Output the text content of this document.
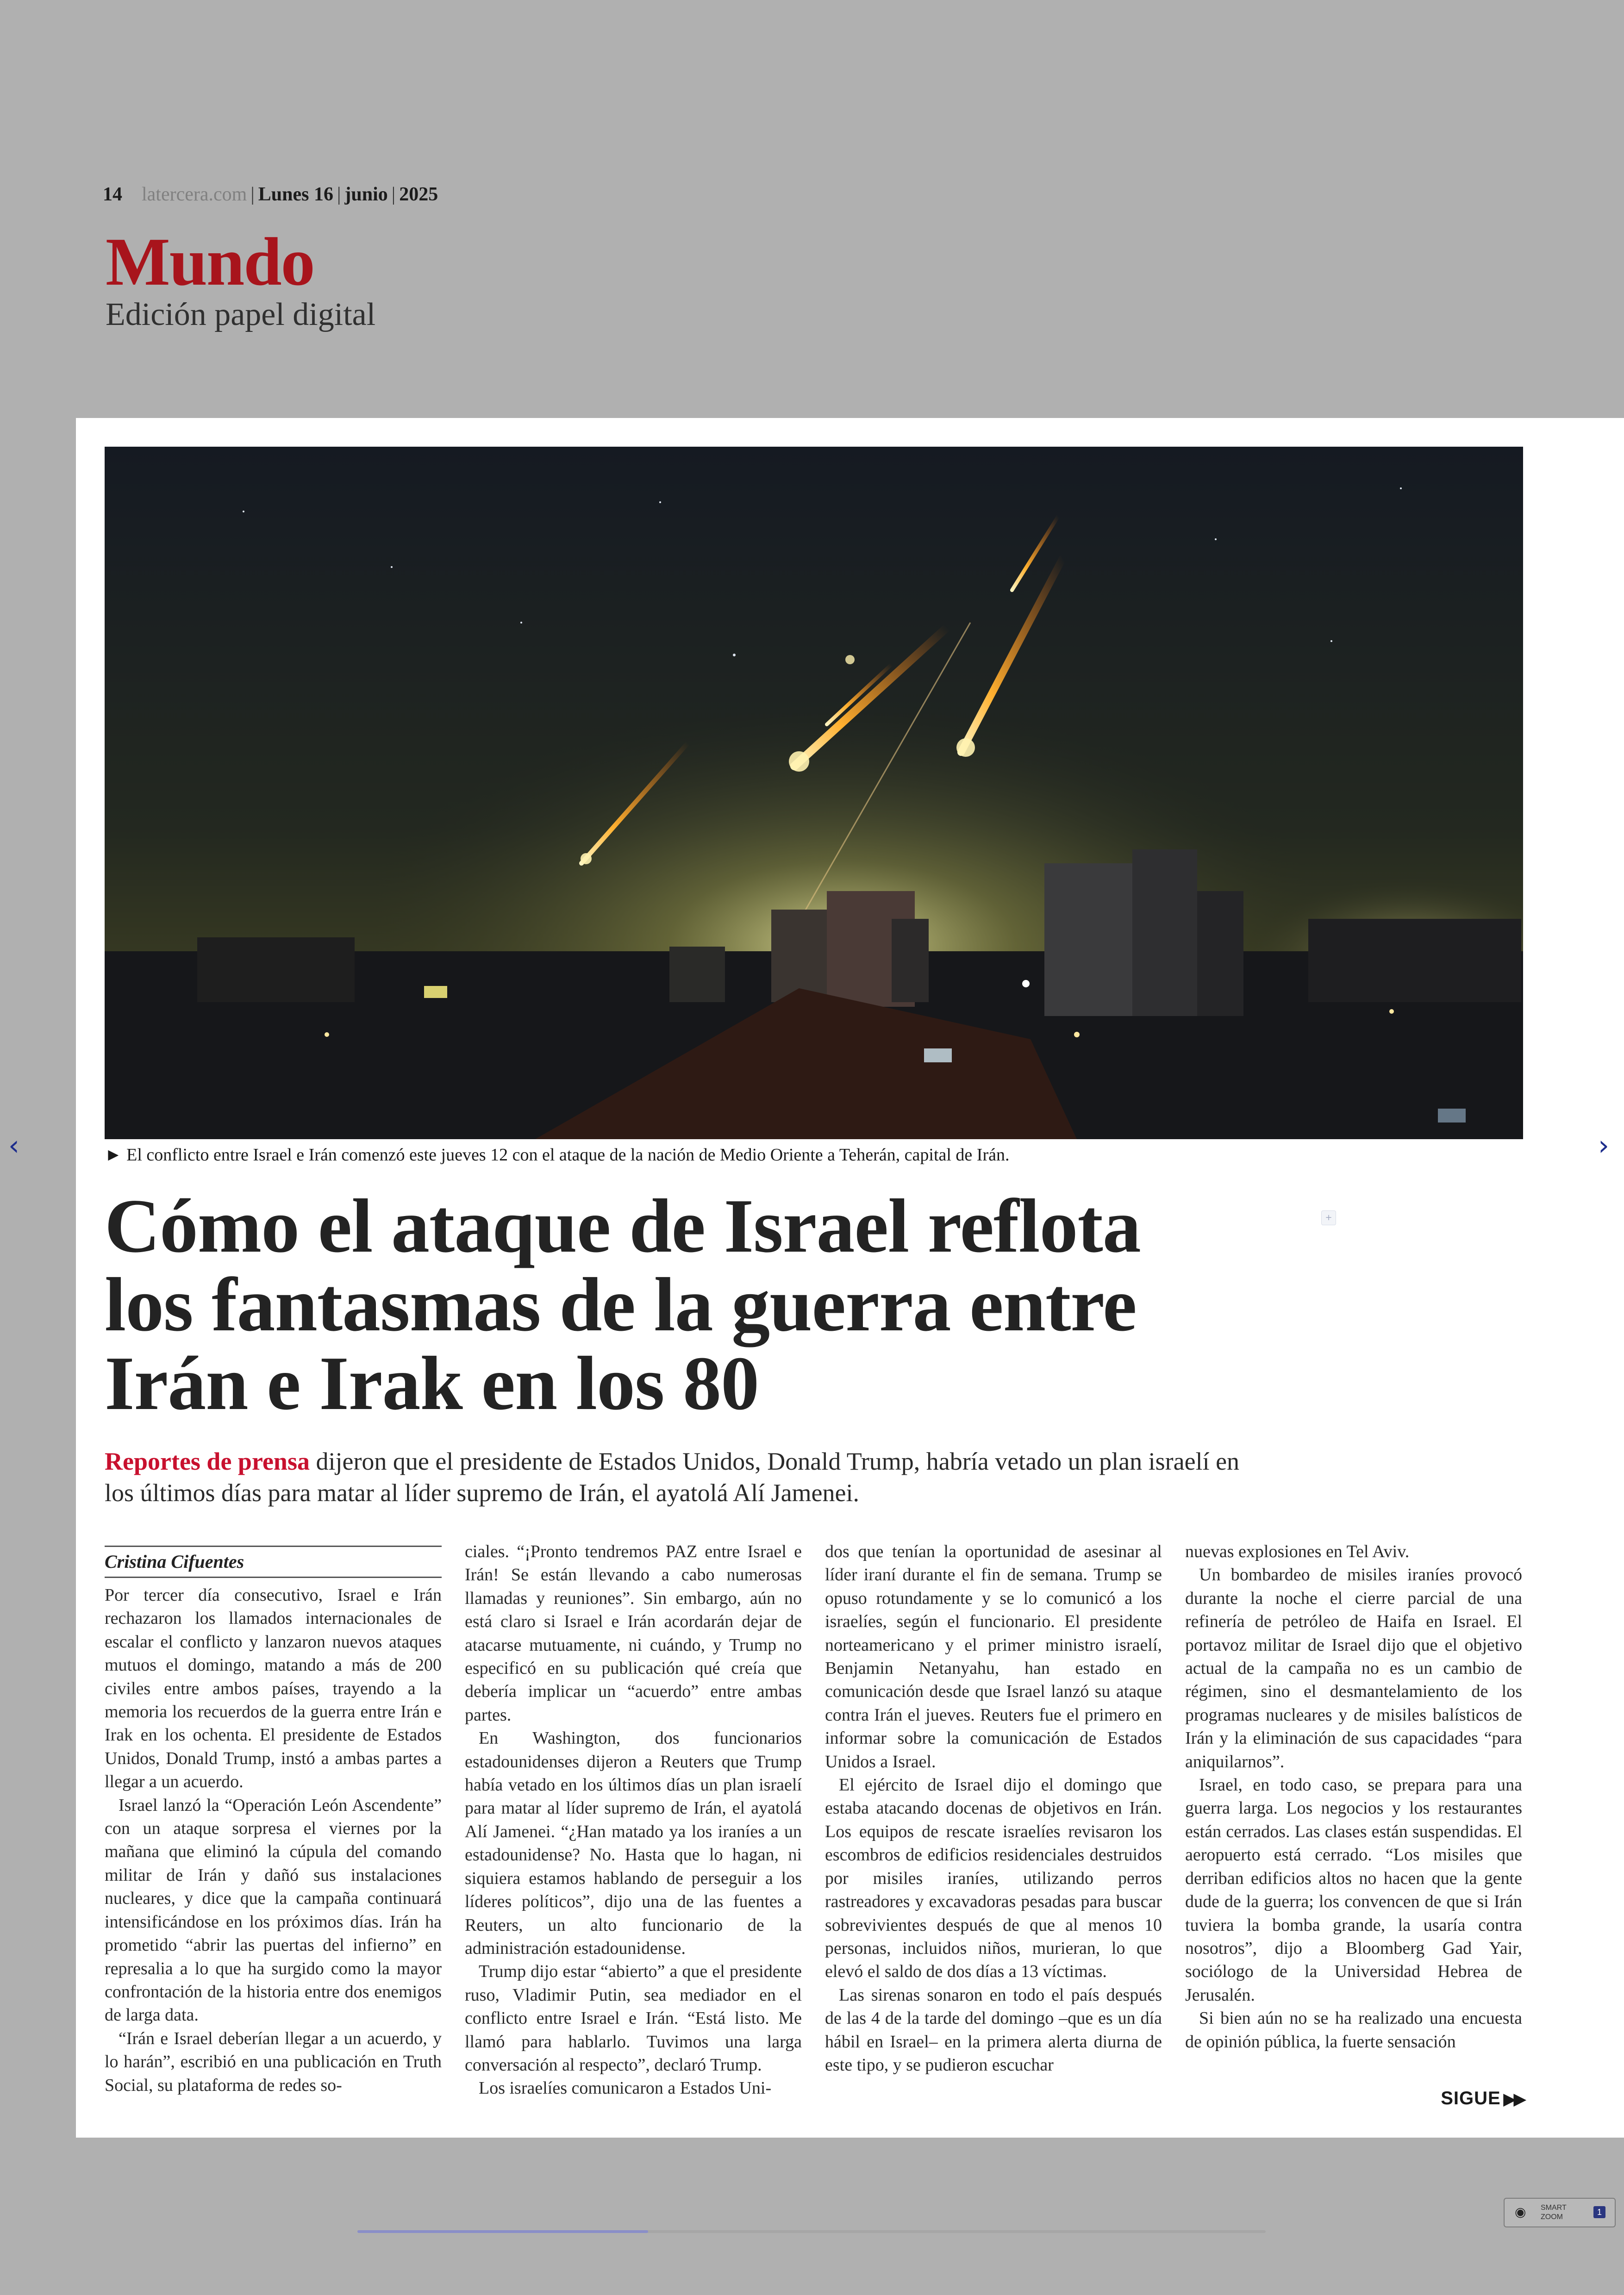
14 latercera.com | Lunes 16 | junio | 2025
Mundo
Edición papel digital
► El conflicto entre Israel e Irán comenzó este jueves 12 con el ataque de la nación de Medio Oriente a Teherán, capital de Irán.
Cómo el ataque de Israel reflota los fantasmas de la guerra entre Irán e Irak en los 80
+

Reportes de prensa dijeron que el presidente de Estados Unidos, Donald Trump, habría vetado un plan israelí en los últimos días para matar al líder supremo de Irán, el ayatolá Alí Jamenei.

Cristina Cifuentes

Por tercer día consecutivo, Israel e Irán rechazaron los llamados internacionales de escalar el conflicto y lanzaron nuevos ataques mutuos el domingo, matando a más de 200 civiles entre ambos países, trayendo a la memoria los recuerdos de la guerra entre Irán e Irak en los ochenta. El presidente de Estados Unidos, Donald Trump, instó a ambas partes a llegar a un acuerdo.

Israel lanzó la “Operación León Ascendente” con un ataque sorpresa el viernes por la mañana que eliminó la cúpula del comando militar de Irán y dañó sus instalaciones nucleares, y dice que la campaña continuará intensificándose en los próximos días. Irán ha prometido “abrir las puertas del infierno” en represalia a lo que ha surgido como la mayor confrontación de la historia entre dos enemigos de larga data.

“Irán e Israel deberían llegar a un acuerdo, y lo harán”, escribió en una publicación en Truth Social, su plataforma de redes so-

ciales. “¡Pronto tendremos PAZ entre Israel e Irán! Se están llevando a cabo numerosas llamadas y reuniones”. Sin embargo, aún no está claro si Israel e Irán acordarán dejar de atacarse mutuamente, ni cuándo, y Trump no especificó en su publicación qué creía que debería implicar un “acuerdo” entre ambas partes.

En Washington, dos funcionarios estadounidenses dijeron a Reuters que Trump había vetado en los últimos días un plan israelí para matar al líder supremo de Irán, el ayatolá Alí Jamenei. “¿Han matado ya los iraníes a un estadounidense? No. Hasta que lo hagan, ni siquiera estamos hablando de perseguir a los líderes políticos”, dijo una de las fuentes a Reuters, un alto funcionario de la administración estadounidense.

Trump dijo estar “abierto” a que el presidente ruso, Vladimir Putin, sea mediador en el conflicto entre Israel e Irán. “Está listo. Me llamó para hablarlo. Tuvimos una larga conversación al respecto”, declaró Trump.

Los israelíes comunicaron a Estados Uni-

dos que tenían la oportunidad de asesinar al líder iraní durante el fin de semana. Trump se opuso rotundamente y se lo comunicó a los israelíes, según el funcionario. El presidente norteamericano y el primer ministro israelí, Benjamin Netanyahu, han estado en comunicación desde que Israel lanzó su ataque contra Irán el jueves. Reuters fue el primero en informar sobre la comunicación de Estados Unidos a Israel.

El ejército de Israel dijo el domingo que estaba atacando docenas de objetivos en Irán. Los equipos de rescate israelíes revisaron los escombros de edificios residenciales destruidos por misiles iraníes, utilizando perros rastreadores y excavadoras pesadas para buscar sobrevivientes después de que al menos 10 personas, incluidos niños, murieran, lo que elevó el saldo de dos días a 13 víctimas.

Las sirenas sonaron en todo el país después de las 4 de la tarde del domingo –que es un día hábil en Israel– en la primera alerta diurna de este tipo, y se pudieron escuchar

nuevas explosiones en Tel Aviv.

Un bombardeo de misiles iraníes provocó durante la noche el cierre parcial de una refinería de petróleo de Haifa en Israel. El portavoz militar de Israel dijo que el objetivo actual de la campaña no es un cambio de régimen, sino el desmantelamiento de los programas nucleares y de misiles balísticos de Irán y la eliminación de sus capacidades “para aniquilarnos”.

Israel, en todo caso, se prepara para una guerra larga. Los negocios y los restaurantes están cerrados. Las clases están suspendidas. El aeropuerto está cerrado. “Los misiles que derriban edificios altos no hacen que la gente dude de la guerra; los convencen de que si Irán tuviera la bomba grande, la usaría contra nosotros”, dijo a Bloomberg Gad Yair, sociólogo de la Universidad Hebrea de Jerusalén.

Si bien aún no se ha realizado una encuesta de opinión pública, la fuerte sensación

SIGUE ▶▶
‹	›
◉ SMART
ZOOM
1
